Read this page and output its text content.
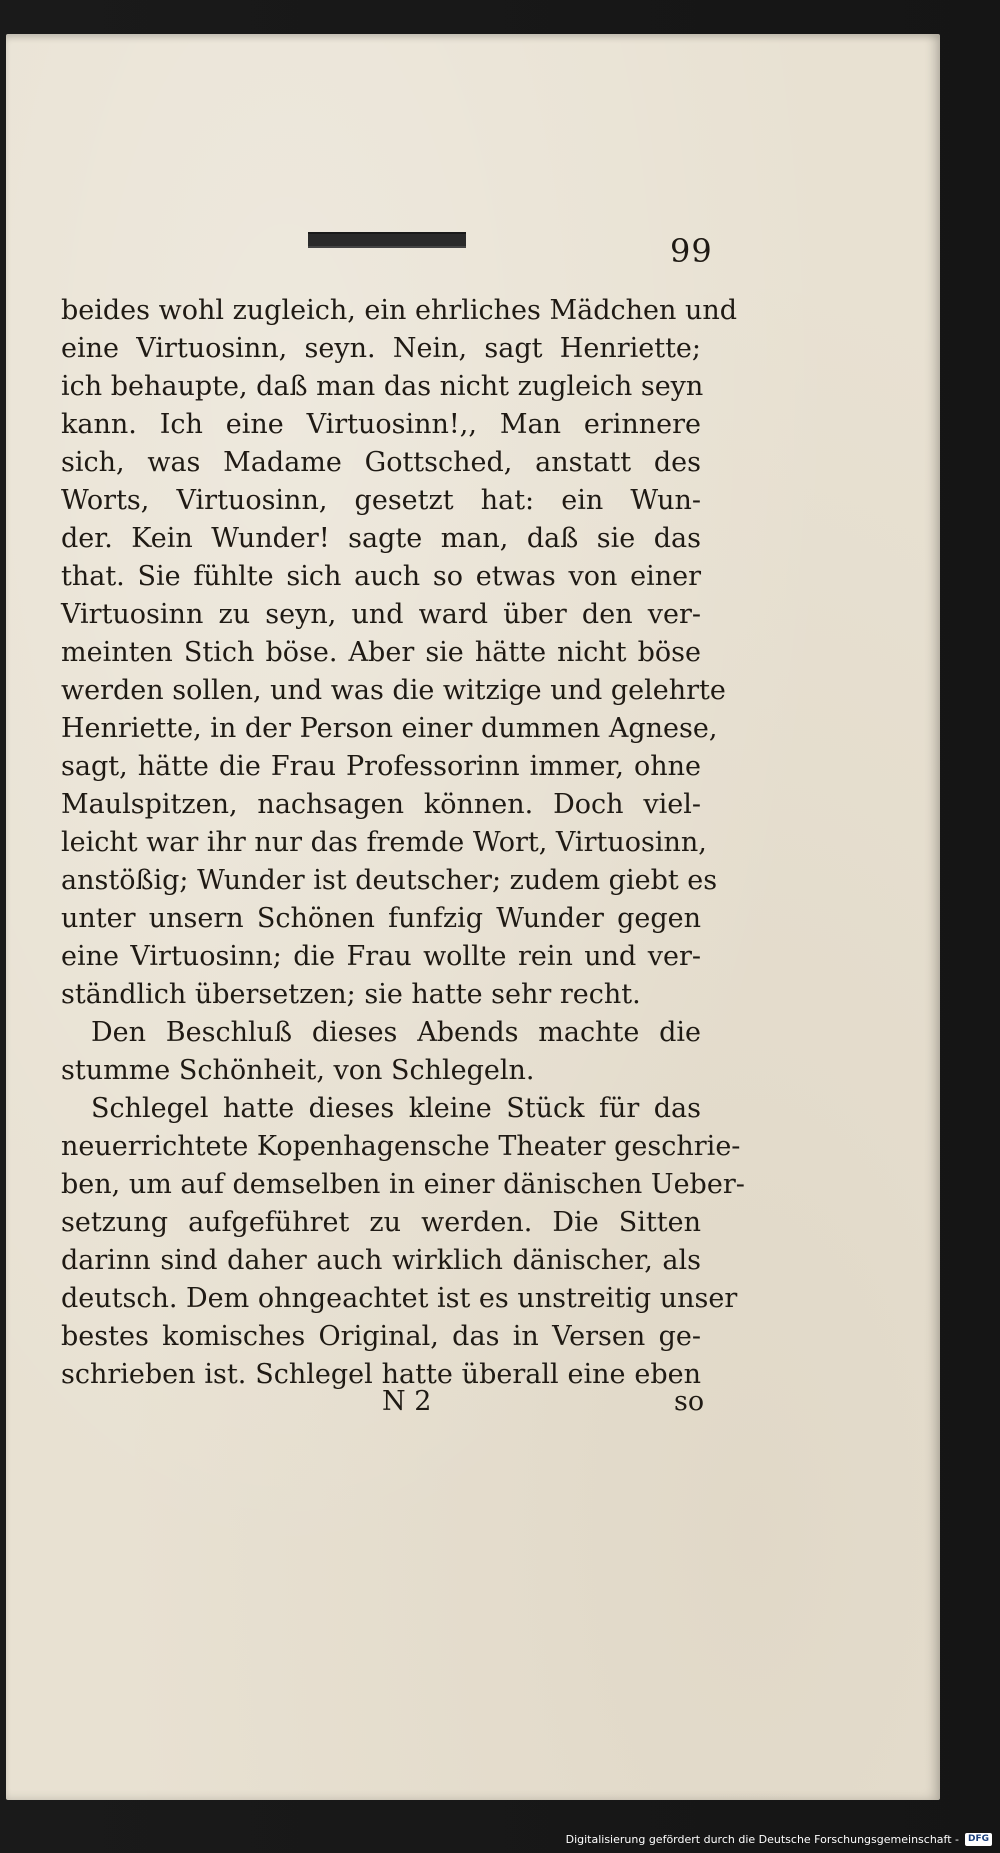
99
beides wohl zugleich, ein ehrliches Mädchen und
eine Virtuosinn, seyn. Nein, sagt Henriette;
ich behaupte, daß man das nicht zugleich seyn
kann. Ich eine Virtuosinn!,, Man erinnere
sich, was Madame Gottsched, anstatt des
Worts, Virtuosinn, gesetzt hat: ein Wun-
der. Kein Wunder! sagte man, daß sie das
that. Sie fühlte sich auch so etwas von einer
Virtuosinn zu seyn, und ward über den ver-
meinten Stich böse. Aber sie hätte nicht böse
werden sollen, und was die witzige und gelehrte
Henriette, in der Person einer dummen Agnese,
sagt, hätte die Frau Professorinn immer, ohne
Maulspitzen, nachsagen können. Doch viel-
leicht war ihr nur das fremde Wort, Virtuosinn,
anstößig; Wunder ist deutscher; zudem giebt es
unter unsern Schönen funfzig Wunder gegen
eine Virtuosinn; die Frau wollte rein und ver-
ständlich übersetzen; sie hatte sehr recht.
Den Beschluß dieses Abends machte die
stumme Schönheit, von Schlegeln.
Schlegel hatte dieses kleine Stück für das
neuerrichtete Kopenhagensche Theater geschrie-
ben, um auf demselben in einer dänischen Ueber-
setzung aufgeführet zu werden. Die Sitten
darinn sind daher auch wirklich dänischer, als
deutsch. Dem ohngeachtet ist es unstreitig unser
bestes komisches Original, das in Versen ge-
schrieben ist. Schlegel hatte überall eine eben
N 2	so
Digitalisierung gefördert durch die Deutsche Forschungsgemeinschaft -	DFG
